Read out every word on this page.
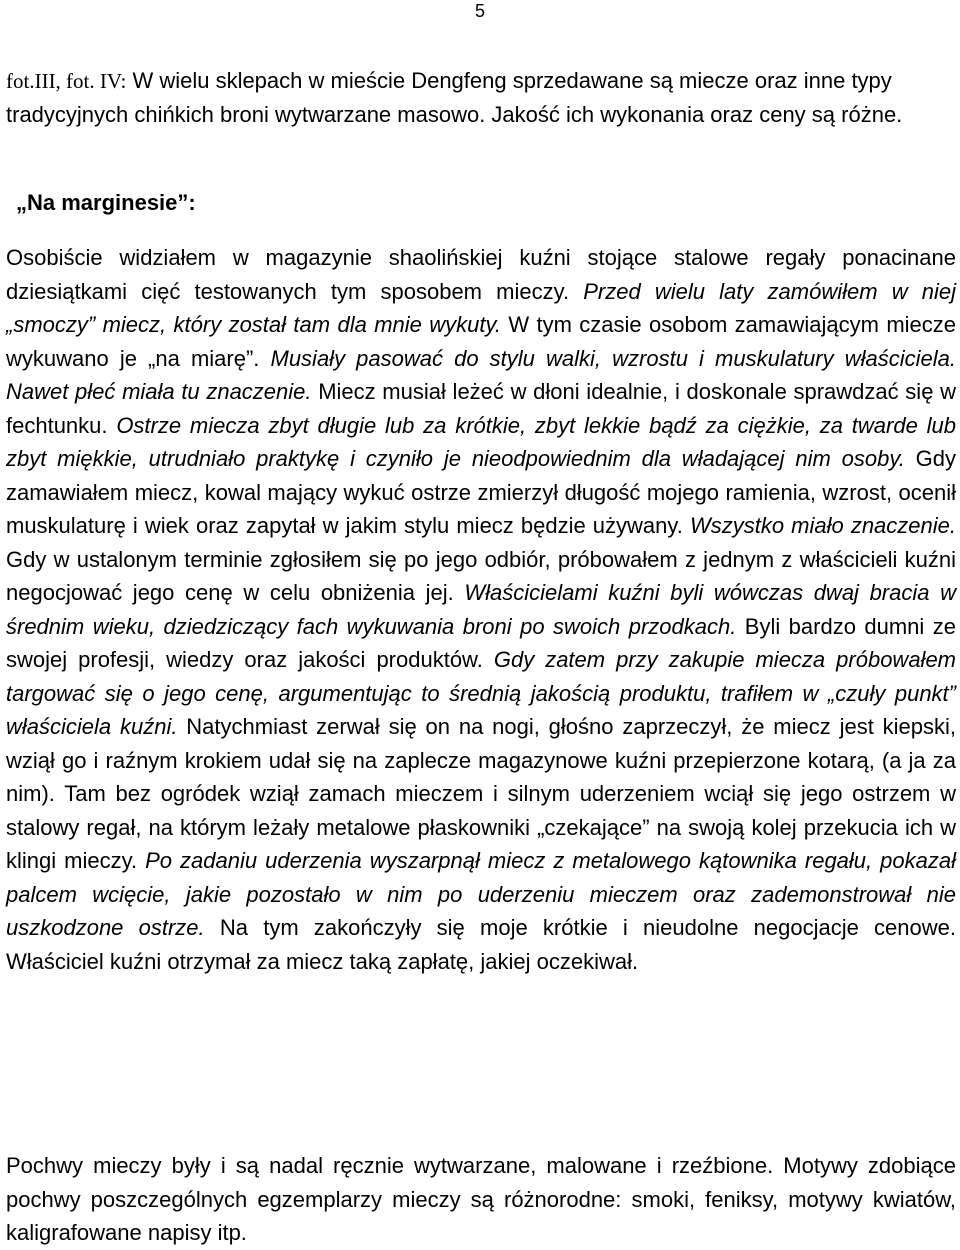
5

fot.III, fot. IV: W wielu sklepach w mieście Dengfeng sprzedawane są miecze oraz inne typy tradycyjnych chińkich broni wytwarzane masowo. Jakość ich wykonania oraz ceny są różne.

„Na marginesie”:

Osobiście widziałem w magazynie shaolińskiej kuźni stojące stalowe regały ponacinane dziesiątkami cięć testowanych tym sposobem mieczy. Przed wielu laty zamówiłem w niej „smoczy” miecz, który został tam dla mnie wykuty. W tym czasie osobom zamawiającym miecze wykuwano je „na miarę”. Musiały pasować do stylu walki, wzrostu i muskulatury właściciela. Nawet płeć miała tu znaczenie. Miecz musiał leżeć w dłoni idealnie, i doskonale sprawdzać się w fechtunku. Ostrze miecza zbyt długie lub za krótkie, zbyt lekkie bądź za ciężkie, za twarde lub zbyt miękkie, utrudniało praktykę i czyniło je nieodpowiednim dla władającej nim osoby. Gdy zamawiałem miecz, kowal mający wykuć ostrze zmierzył długość mojego ramienia, wzrost, ocenił muskulaturę i wiek oraz zapytał w jakim stylu miecz będzie używany. Wszystko miało znaczenie. Gdy w ustalonym terminie zgłosiłem się po jego odbiór, próbowałem z jednym z właścicieli kuźni negocjować jego cenę w celu obniżenia jej. Właścicielami kuźni byli wówczas dwaj bracia w średnim wieku, dziedziczący fach wykuwania broni po swoich przodkach. Byli bardzo dumni ze swojej profesji, wiedzy oraz jakości produktów. Gdy zatem przy zakupie miecza próbowałem targować się o jego cenę, argumentując to średnią jakością produktu, trafiłem w „czuły punkt” właściciela kuźni. Natychmiast zerwał się on na nogi, głośno zaprzeczył, że miecz jest kiepski, wziął go i raźnym krokiem udał się na zaplecze magazynowe kuźni przepierzone kotarą, (a ja za nim). Tam bez ogródek wziął zamach mieczem i silnym uderzeniem wciął się jego ostrzem w stalowy regał, na którym leżały metalowe płaskowniki „czekające” na swoją kolej przekucia ich w klingi mieczy. Po zadaniu uderzenia wyszarpnął miecz z metalowego kątownika regału, pokazał palcem wcięcie, jakie pozostało w nim po uderzeniu mieczem oraz zademonstrował nie uszkodzone ostrze. Na tym zakończyły się moje krótkie i nieudolne negocjacje cenowe. Właściciel kuźni otrzymał za miecz taką zapłatę, jakiej oczekiwał.

Pochwy mieczy były i są nadal ręcznie wytwarzane, malowane i rzeźbione. Motywy zdobiące pochwy poszczególnych egzemplarzy mieczy są różnorodne: smoki, feniksy, motywy kwiatów, kaligrafowane napisy itp.
